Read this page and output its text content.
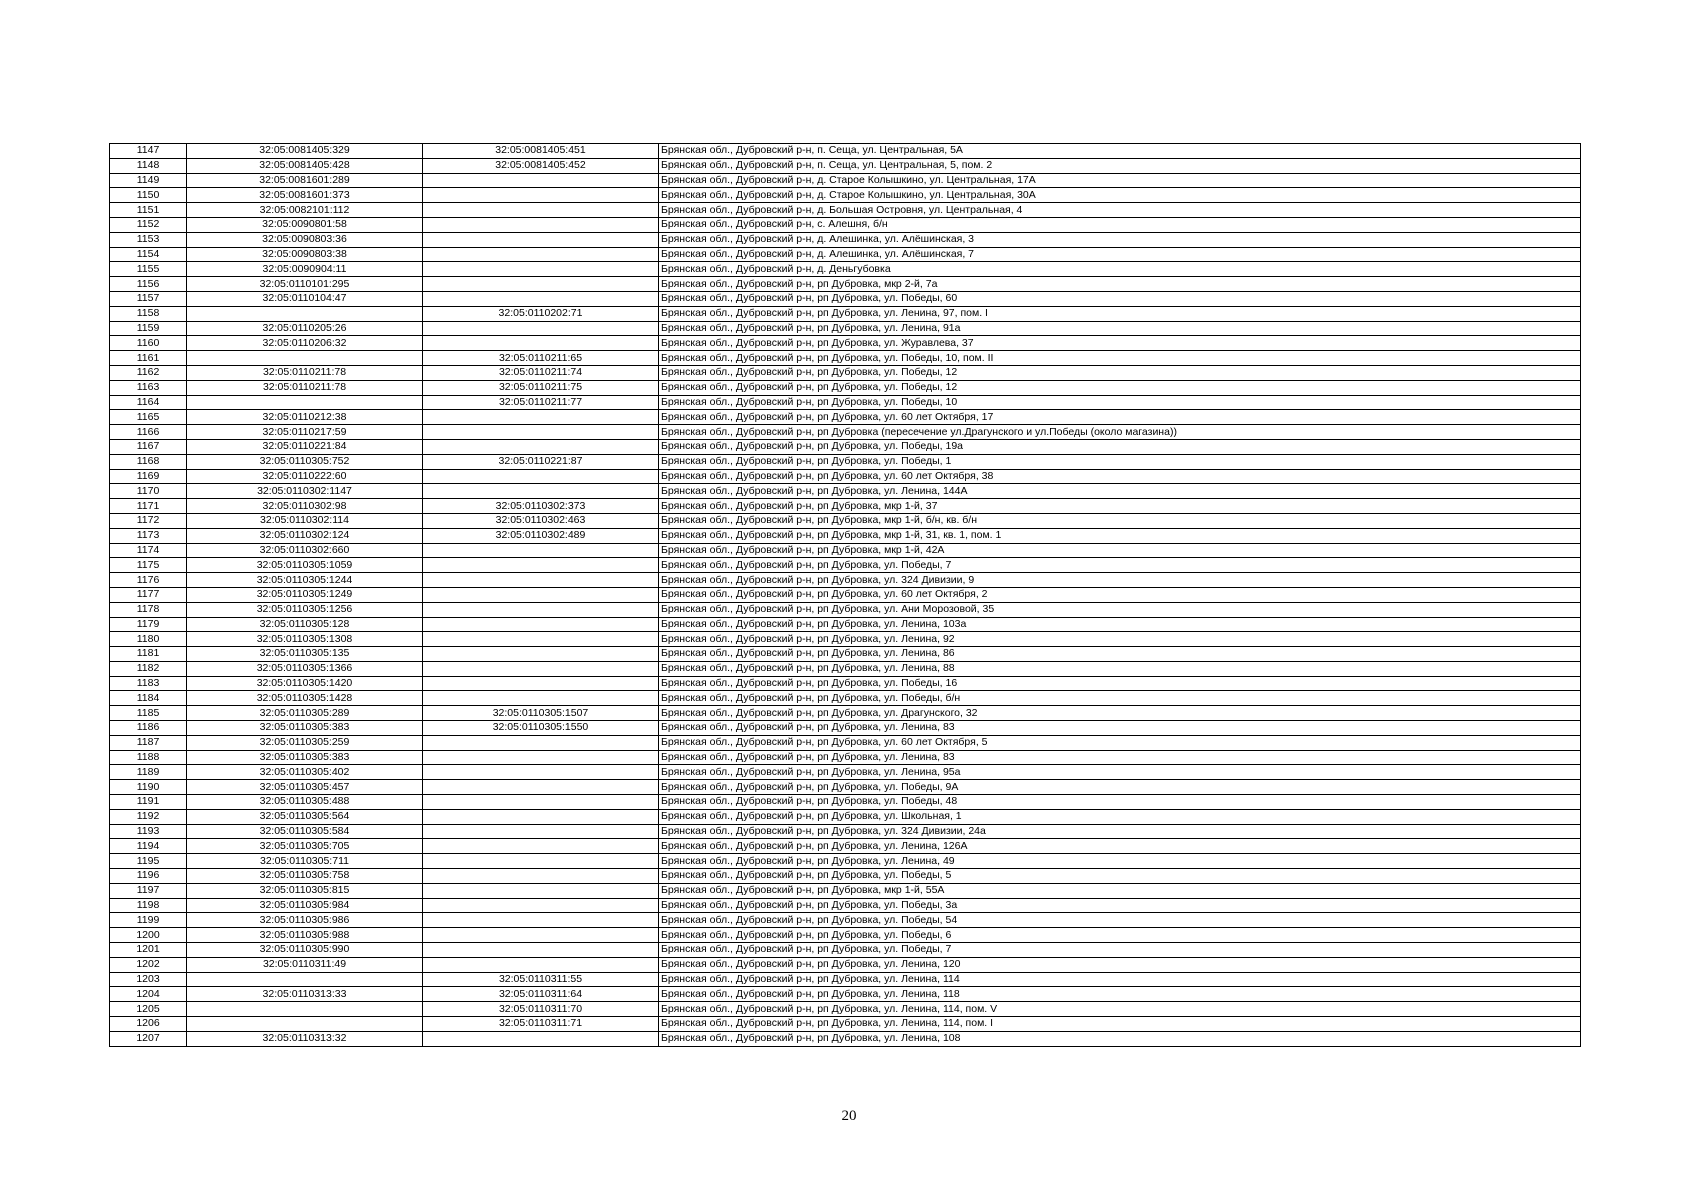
1147	32:05:0081405:329	32:05:0081405:451	Брянская обл., Дубровский р-н, п. Сеща, ул. Центральная, 5А
1148	32:05:0081405:428	32:05:0081405:452	Брянская обл., Дубровский р-н, п. Сеща, ул. Центральная, 5, пом. 2
1149	32:05:0081601:289		Брянская обл., Дубровский р-н, д. Старое Колышкино, ул. Центральная, 17А
1150	32:05:0081601:373		Брянская обл., Дубровский р-н, д. Старое Колышкино, ул. Центральная, 30А
1151	32:05:0082101:112		Брянская обл., Дубровский р-н, д. Большая Островня, ул. Центральная, 4
1152	32:05:0090801:58		Брянская обл., Дубровский р-н, с. Алешня, б/н
1153	32:05:0090803:36		Брянская обл., Дубровский р-н, д. Алешинка, ул. Алёшинская, 3
1154	32:05:0090803:38		Брянская обл., Дубровский р-н, д. Алешинка, ул. Алёшинская, 7
1155	32:05:0090904:11		Брянская обл., Дубровский р-н, д. Деньгубовка
1156	32:05:0110101:295		Брянская обл., Дубровский р-н, рп Дубровка, мкр 2-й, 7а
1157	32:05:0110104:47		Брянская обл., Дубровский р-н, рп Дубровка, ул. Победы, 60
1158		32:05:0110202:71	Брянская обл., Дубровский р-н, рп Дубровка, ул. Ленина, 97, пом. I
1159	32:05:0110205:26		Брянская обл., Дубровский р-н, рп Дубровка, ул. Ленина, 91а
1160	32:05:0110206:32		Брянская обл., Дубровский р-н, рп Дубровка, ул. Журавлева, 37
1161		32:05:0110211:65	Брянская обл., Дубровский р-н, рп Дубровка, ул. Победы, 10, пом. II
1162	32:05:0110211:78	32:05:0110211:74	Брянская обл., Дубровский р-н, рп Дубровка, ул. Победы, 12
1163	32:05:0110211:78	32:05:0110211:75	Брянская обл., Дубровский р-н, рп Дубровка, ул. Победы, 12
1164		32:05:0110211:77	Брянская обл., Дубровский р-н, рп Дубровка, ул. Победы, 10
1165	32:05:0110212:38		Брянская обл., Дубровский р-н, рп Дубровка, ул. 60 лет Октября, 17
1166	32:05:0110217:59		Брянская обл., Дубровский р-н, рп Дубровка (пересечение ул.Драгунского и ул.Победы (около магазина))
1167	32:05:0110221:84		Брянская обл., Дубровский р-н, рп Дубровка, ул. Победы, 19а
1168	32:05:0110305:752	32:05:0110221:87	Брянская обл., Дубровский р-н, рп Дубровка, ул. Победы, 1
1169	32:05:0110222:60		Брянская обл., Дубровский р-н, рп Дубровка, ул. 60 лет Октября, 38
1170	32:05:0110302:1147		Брянская обл., Дубровский р-н, рп Дубровка, ул. Ленина, 144А
1171	32:05:0110302:98	32:05:0110302:373	Брянская обл., Дубровский р-н, рп Дубровка, мкр 1-й, 37
1172	32:05:0110302:114	32:05:0110302:463	Брянская обл., Дубровский р-н, рп Дубровка, мкр 1-й, б/н, кв. б/н
1173	32:05:0110302:124	32:05:0110302:489	Брянская обл., Дубровский р-н, рп Дубровка, мкр 1-й, 31, кв. 1, пом. 1
1174	32:05:0110302:660		Брянская обл., Дубровский р-н, рп Дубровка, мкр 1-й, 42А
1175	32:05:0110305:1059		Брянская обл., Дубровский р-н, рп Дубровка, ул. Победы, 7
1176	32:05:0110305:1244		Брянская обл., Дубровский р-н, рп Дубровка, ул. 324 Дивизии, 9
1177	32:05:0110305:1249		Брянская обл., Дубровский р-н, рп Дубровка, ул. 60 лет Октября, 2
1178	32:05:0110305:1256		Брянская обл., Дубровский р-н, рп Дубровка, ул. Ани Морозовой, 35
1179	32:05:0110305:128		Брянская обл., Дубровский р-н, рп Дубровка, ул. Ленина, 103а
1180	32:05:0110305:1308		Брянская обл., Дубровский р-н, рп Дубровка, ул. Ленина, 92
1181	32:05:0110305:135		Брянская обл., Дубровский р-н, рп Дубровка, ул. Ленина, 86
1182	32:05:0110305:1366		Брянская обл., Дубровский р-н, рп Дубровка, ул. Ленина, 88
1183	32:05:0110305:1420		Брянская обл., Дубровский р-н, рп Дубровка, ул. Победы, 16
1184	32:05:0110305:1428		Брянская обл., Дубровский р-н, рп Дубровка, ул. Победы, б/н
1185	32:05:0110305:289	32:05:0110305:1507	Брянская обл., Дубровский р-н, рп Дубровка, ул. Драгунского, 32
1186	32:05:0110305:383	32:05:0110305:1550	Брянская обл., Дубровский р-н, рп Дубровка, ул. Ленина, 83
1187	32:05:0110305:259		Брянская обл., Дубровский р-н, рп Дубровка, ул. 60 лет Октября, 5
1188	32:05:0110305:383		Брянская обл., Дубровский р-н, рп Дубровка, ул. Ленина, 83
1189	32:05:0110305:402		Брянская обл., Дубровский р-н, рп Дубровка, ул. Ленина, 95а
1190	32:05:0110305:457		Брянская обл., Дубровский р-н, рп Дубровка, ул. Победы, 9А
1191	32:05:0110305:488		Брянская обл., Дубровский р-н, рп Дубровка, ул. Победы, 48
1192	32:05:0110305:564		Брянская обл., Дубровский р-н, рп Дубровка, ул. Школьная, 1
1193	32:05:0110305:584		Брянская обл., Дубровский р-н, рп Дубровка, ул. 324 Дивизии, 24а
1194	32:05:0110305:705		Брянская обл., Дубровский р-н, рп Дубровка, ул. Ленина, 126А
1195	32:05:0110305:711		Брянская обл., Дубровский р-н, рп Дубровка, ул. Ленина, 49
1196	32:05:0110305:758		Брянская обл., Дубровский р-н, рп Дубровка, ул. Победы, 5
1197	32:05:0110305:815		Брянская обл., Дубровский р-н, рп Дубровка, мкр 1-й, 55А
1198	32:05:0110305:984		Брянская обл., Дубровский р-н, рп Дубровка, ул. Победы, 3а
1199	32:05:0110305:986		Брянская обл., Дубровский р-н, рп Дубровка, ул. Победы, 54
1200	32:05:0110305:988		Брянская обл., Дубровский р-н, рп Дубровка, ул. Победы, 6
1201	32:05:0110305:990		Брянская обл., Дубровский р-н, рп Дубровка, ул. Победы, 7
1202	32:05:0110311:49		Брянская обл., Дубровский р-н, рп Дубровка, ул. Ленина, 120
1203		32:05:0110311:55	Брянская обл., Дубровский р-н, рп Дубровка, ул. Ленина, 114
1204	32:05:0110313:33	32:05:0110311:64	Брянская обл., Дубровский р-н, рп Дубровка, ул. Ленина, 118
1205		32:05:0110311:70	Брянская обл., Дубровский р-н, рп Дубровка, ул. Ленина, 114, пом. V
1206		32:05:0110311:71	Брянская обл., Дубровский р-н, рп Дубровка, ул. Ленина, 114, пом. I
1207	32:05:0110313:32		Брянская обл., Дубровский р-н, рп Дубровка, ул. Ленина, 108
20
